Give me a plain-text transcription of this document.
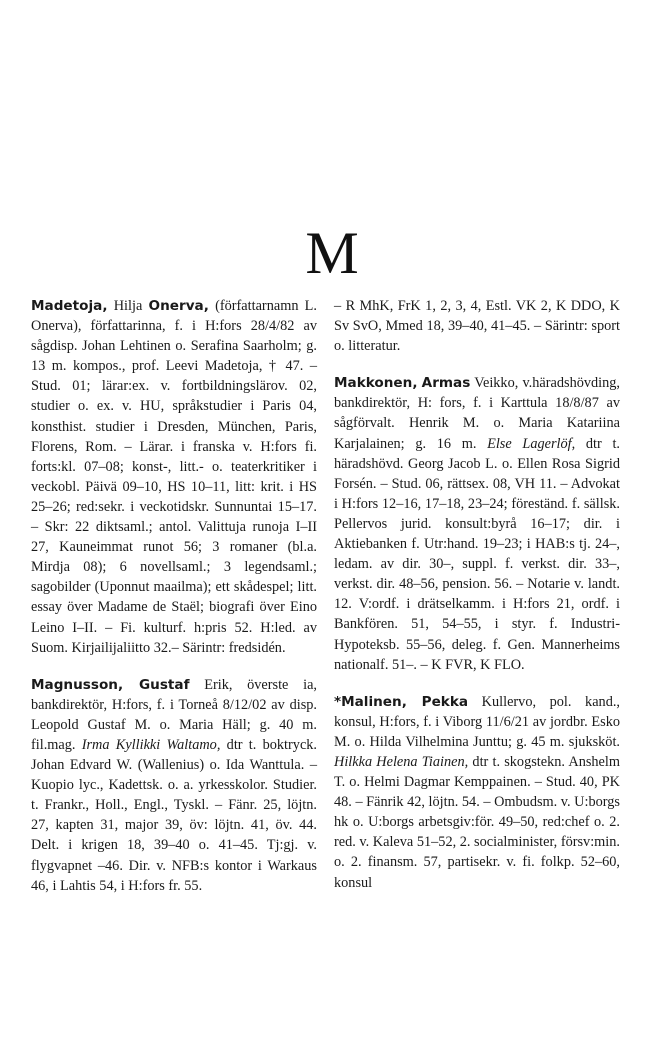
M

Madetoja, Hilja Onerva, (författarnamn L. Onerva), författarinna, f. i H:fors 28/4/82 av sågdisp. Johan Lehtinen o. Serafina Saarholm; g. 13 m. kompos., prof. Leevi Madetoja, † 47. – Stud. 01; lärar:ex. v. fortbildningslärov. 02, studier o. ex. v. HU, språkstudier i Paris 04, konsthist. studier i Dresden, München, Paris, Florens, Rom. – Lärar. i franska v. H:fors fi. forts:kl. 07–08; konst-, litt.- o. teaterkritiker i veckobl. Päivä 09–10, HS 10–11, litt: krit. i HS 25–26; red:sekr. i veckotidskr. Sunnuntai 15–17. – Skr: 22 diktsaml.; antol. Valittuja runoja I–II 27, Kauneimmat runot 56; 3 romaner (bl.a. Mirdja 08); 6 novellsaml.; 3 legendsaml.; sagobilder (Uponnut maailma); ett skådespel; litt. essay över Madame de Staël; biografi över Eino Leino I–II. – Fi. kulturf. h:pris 52. H:led. av Suom. Kirjailijaliitto 32.– Särintr: fredsidén.

Magnusson, Gustaf Erik, överste ia, bankdirektör, H:fors, f. i Torneå 8/12/02 av disp. Leopold Gustaf M. o. Maria Häll; g. 40 m. fil.mag. Irma Kyllikki Waltamo, dtr t. boktryck. Johan Edvard W. (Wallenius) o. Ida Wanttula. – Kuopio lyc., Kadettsk. o. a. yrkesskolor. Studier. t. Frankr., Holl., Engl., Tyskl. – Fänr. 25, löjtn. 27, kapten 31, major 39, öv: löjtn. 41, öv. 44. Delt. i krigen 18, 39–40 o. 41–45. Tj:gj. v. flygvapnet –46. Dir. v. NFB:s kontor i Warkaus 46, i Lahtis 54, i H:fors fr. 55.

– R MhK, FrK 1, 2, 3, 4, Estl. VK 2, K DDO, K Sv SvO, Mmed 18, 39–40, 41–45. – Särintr: sport o. litteratur.

Makkonen, Armas Veikko, v.häradshövding, bankdirektör, H: fors, f. i Karttula 18/8/87 av sågförvalt. Henrik M. o. Maria Katariina Karjalainen; g. 16 m. Else Lagerlöf, dtr t. häradshövd. Georg Jacob L. o. Ellen Rosa Sigrid Forsén. – Stud. 06, rättsex. 08, VH 11. – Advokat i H:fors 12–16, 17–18, 23–24; föreständ. f. sällsk. Pellervos jurid. konsult:byrå 16–17; dir. i Aktiebanken f. Utr:hand. 19–23; i HAB:s tj. 24–, ledam. av dir. 30–, suppl. f. verkst. dir. 33–, verkst. dir. 48–56, pension. 56. – Notarie v. landt. 12. V:ordf. i drätselkamm. i H:fors 21, ordf. i Bankfören. 51, 54–55, i styr. f. Industri-Hypoteksb. 55–56, deleg. f. Gen. Mannerheims nationalf. 51–. – K FVR, K FLO.

*Malinen, Pekka Kullervo, pol. kand., konsul, H:fors, f. i Viborg 11/6/21 av jordbr. Esko M. o. Hilda Vilhelmina Junttu; g. 45 m. sjuksköt. Hilkka Helena Tiainen, dtr t. skogstekn. Anshelm T. o. Helmi Dagmar Kemppainen. – Stud. 40, PK 48. – Fänrik 42, löjtn. 54. – Ombudsm. v. U:borgs hk o. U:borgs arbetsgiv:för. 49–50, red:chef o. 2. red. v. Kaleva 51–52, 2. socialminister, försv:min. o. 2. finansm. 57, partisekr. v. fi. folkp. 52–60, konsul
